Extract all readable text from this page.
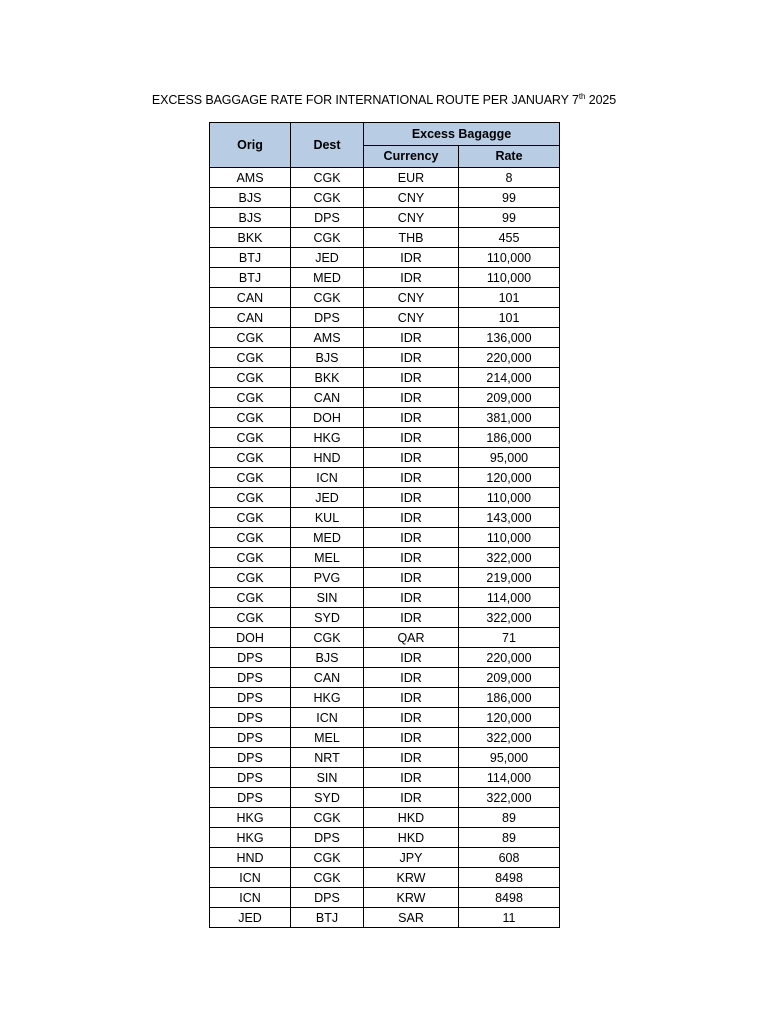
EXCESS BAGGAGE RATE FOR INTERNATIONAL ROUTE PER JANUARY 7th 2025
Orig	Dest	Excess Bagagge	
		Currency	Rate
AMS	CGK	EUR	8
BJS	CGK	CNY	99
BJS	DPS	CNY	99
BKK	CGK	THB	455
BTJ	JED	IDR	110,000
BTJ	MED	IDR	110,000
CAN	CGK	CNY	101
CAN	DPS	CNY	101
CGK	AMS	IDR	136,000
CGK	BJS	IDR	220,000
CGK	BKK	IDR	214,000
CGK	CAN	IDR	209,000
CGK	DOH	IDR	381,000
CGK	HKG	IDR	186,000
CGK	HND	IDR	95,000
CGK	ICN	IDR	120,000
CGK	JED	IDR	110,000
CGK	KUL	IDR	143,000
CGK	MED	IDR	110,000
CGK	MEL	IDR	322,000
CGK	PVG	IDR	219,000
CGK	SIN	IDR	114,000
CGK	SYD	IDR	322,000
DOH	CGK	QAR	71
DPS	BJS	IDR	220,000
DPS	CAN	IDR	209,000
DPS	HKG	IDR	186,000
DPS	ICN	IDR	120,000
DPS	MEL	IDR	322,000
DPS	NRT	IDR	95,000
DPS	SIN	IDR	114,000
DPS	SYD	IDR	322,000
HKG	CGK	HKD	89
HKG	DPS	HKD	89
HND	CGK	JPY	608
ICN	CGK	KRW	8498
ICN	DPS	KRW	8498
JED	BTJ	SAR	11
